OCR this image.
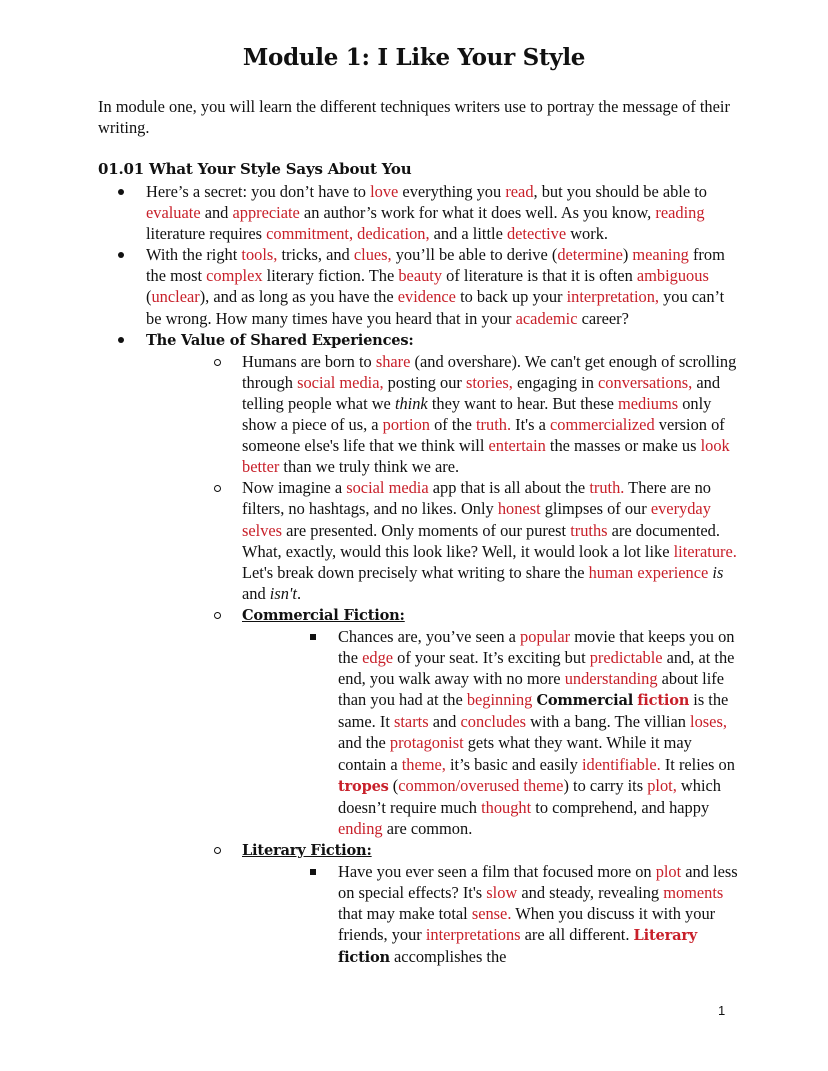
Module 1: I Like Your Style

In module one, you will learn the different techniques writers use to portray the message of their writing.

01.01 What Your Style Says About You
Here’s a secret: you don’t have to love everything you read, but you should be able to evaluate and appreciate an author’s work for what it does well. As you know, reading literature requires commitment, dedication, and a little detective work.
With the right tools, tricks, and clues, you’ll be able to derive (determine) meaning from the most complex literary fiction. The beauty of literature is that it is often ambiguous (unclear), and as long as you have the evidence to back up your interpretation, you can’t be wrong. How many times have you heard that in your academic career?
The Value of Shared Experiences:
Humans are born to share (and overshare). We can't get enough of scrolling through social media, posting our stories, engaging in conversations, and telling people what we think they want to hear. But these mediums only show a piece of us, a portion of the truth. It's a commercialized version of someone else's life that we think will entertain the masses or make us look better than we truly think we are.
Now imagine a social media app that is all about the truth. There are no filters, no hashtags, and no likes. Only honest glimpses of our everyday selves are presented. Only moments of our purest truths are documented. What, exactly, would this look like? Well, it would look a lot like literature. Let's break down precisely what writing to share the human experience is and isn't.
Commercial Fiction:
Chances are, you’ve seen a popular movie that keeps you on the edge of your seat. It’s exciting but predictable and, at the end, you walk away with no more understanding about life than you had at the beginning Commercial fiction is the same. It starts and concludes with a bang. The villian loses, and the protagonist gets what they want. While it may contain a theme, it’s basic and easily identifiable. It relies on tropes (common/overused theme) to carry its plot, which doesn’t require much thought to comprehend, and happy ending are common.
Literary Fiction:
Have you ever seen a film that focused more on plot and less on special effects? It's slow and steady, revealing moments that may make total sense. When you discuss it with your friends, your interpretations are all different. Literary fiction accomplishes the
1
